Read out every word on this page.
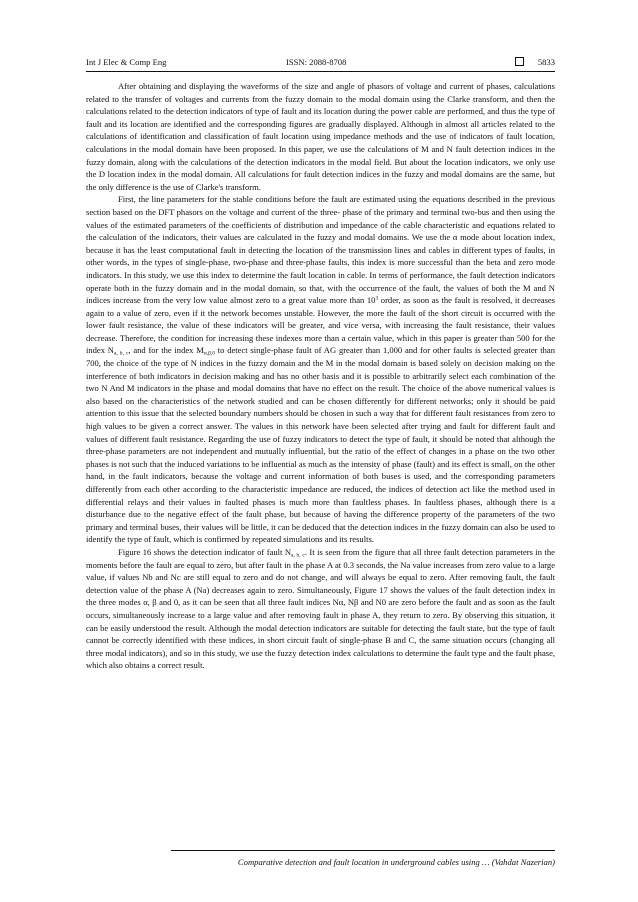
Int J Elec & Comp Eng	ISSN: 2088-8708	5833

After obtaining and displaying the waveforms of the size and angle of phasors of voltage and current of phases, calculations related to the transfer of voltages and currents from the fuzzy domain to the modal domain using the Clarke transform, and then the calculations related to the detection indicators of type of fault and its location during the power cable are performed, and thus the type of fault and its location are identified and the corresponding figures are gradually displayed. Although in almost all articles related to the calculations of identification and classification of fault location using impedance methods and the use of indicators of fault location, calculations in the modal domain have been proposed. In this paper, we use the calculations of M and N fault detection indices in the fuzzy domain, along with the calculations of the detection indicators in the modal field. But about the location indicators, we only use the D location index in the modal domain. All calculations for fault detection indices in the fuzzy and modal domains are the same, but the only difference is the use of Clarke's transform.

First, the line parameters for the stable conditions before the fault are estimated using the equations described in the previous section based on the DFT phasors on the voltage and current of the three- phase of the primary and terminal two-bus and then using the values of the estimated parameters of the coefficients of distribution and impedance of the cable characteristic and equations related to the calculation of the indicators, their values are calculated in the fuzzy and modal domains. We use the α mode about location index, because it has the least computational fault in detecting the location of the transmission lines and cables in different types of faults, in other words, in the types of single-phase, two-phase and three-phase faults, this index is more successful than the beta and zero mode indicators. In this study, we use this index to determine the fault location in cable. In terms of performance, the fault detection indicators operate both in the fuzzy domain and in the modal domain, so that, with the occurrence of the fault, the values of both the M and N indices increase from the very low value almost zero to a great value more than $10^3$ order, as soon as the fault is resolved, it decreases again to a value of zero, even if it the network becomes unstable. However, the more the fault of the short circuit is occurred with the lower fault resistance, the value of these indicators will be greater, and vice versa, with increasing the fault resistance, their values decrease. Therefore, the condition for increasing these indexes more than a certain value, which in this paper is greater than 500 for the index $N_{a, b, c}$, and for the index $M_{\alpha,\beta,0}$ to detect single-phase fault of AG greater than 1,000 and for other faults is selected greater than 700, the choice of the type of N indices in the fuzzy domain and the M in the modal domain is based solely on decision making on the interference of both indicators in decision making and has no other basis and it is possible to arbitrarily select each combination of the two N And M indicators in the phase and modal domains that have no effect on the result. The choice of the above numerical values is also based on the characteristics of the network studied and can be chosen differently for different networks; only it should be paid attention to this issue that the selected boundary numbers should be chosen in such a way that for different fault resistances from zero to high values to be given a correct answer. The values in this network have been selected after trying and fault for different fault and values of different fault resistance. Regarding the use of fuzzy indicators to detect the type of fault, it should be noted that although the three-phase parameters are not independent and mutually influential, but the ratio of the effect of changes in a phase on the two other phases is not such that the induced variations to be influential as much as the intensity of phase (fault) and its effect is small, on the other hand, in the fault indicators, because the voltage and current information of both buses is used, and the corresponding parameters differently from each other according to the characteristic impedance are reduced, the indices of detection act like the method used in differential relays and their values in faulted phases is much more than faultless phases. In faultless phases, although there is a disturbance due to the negative effect of the fault phase, but because of having the difference property of the parameters of the two primary and terminal buses, their values will be little, it can be deduced that the detection indices in the fuzzy domain can also be used to identify the type of fault, which is confirmed by repeated simulations and its results.

Figure 16 shows the detection indicator of fault $N_{a, b, c}$. It is seen from the figure that all three fault detection parameters in the moments before the fault are equal to zero, but after fault in the phase A at 0.3 seconds, the Na value increases from zero value to a large value, if values Nb and Nc are still equal to zero and do not change, and will always be equal to zero. After removing fault, the fault detection value of the phase A (Na) decreases again to zero. Simultaneously, Figure 17 shows the values of the fault detection index in the three modes α, β and 0, as it can be seen that all three fault indices Nα, Nβ and N0 are zero before the fault and as soon as the fault occurs, simultaneously increase to a large value and after removing fault in phase A, they return to zero. By observing this situation, it can be easily understood the result. Although the modal detection indicators are suitable for detecting the fault state, but the type of fault cannot be correctly identified with these indices, in short circuit fault of single-phase B and C, the same situation occurs (changing all three modal indicators), and so in this study, we use the fuzzy detection index calculations to determine the fault type and the fault phase, which also obtains a correct result.

Comparative detection and fault location in underground cables using … (Vahdat Nazerian)
